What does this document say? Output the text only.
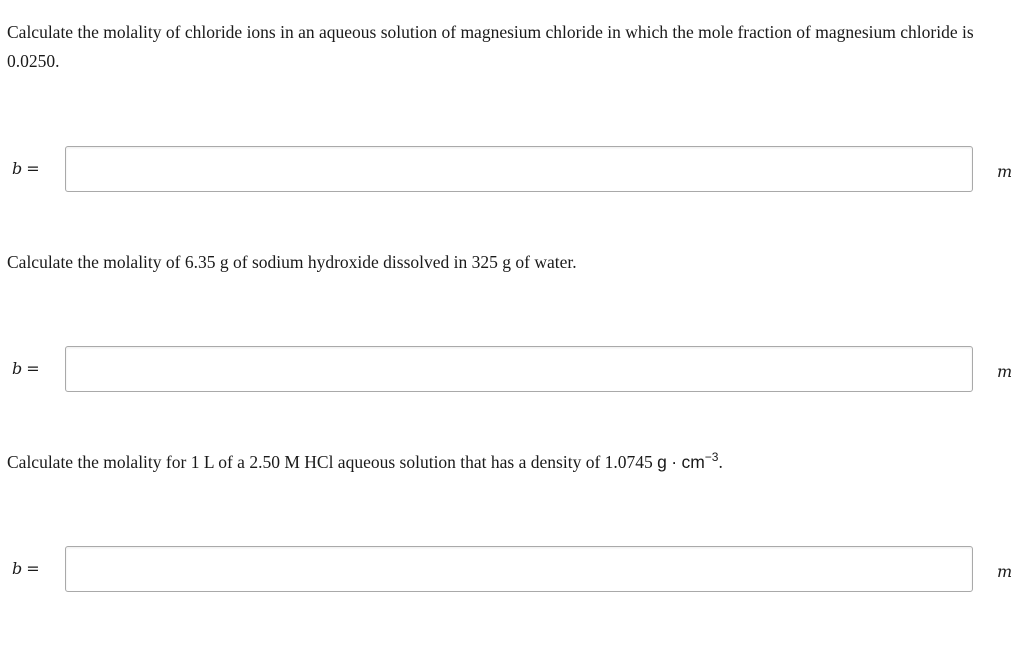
Calculate the molality of chloride ions in an aqueous solution of magnesium chloride in which the mole fraction of magnesium chloride is 0.0250.
b =	m
Calculate the molality of 6.35 g of sodium hydroxide dissolved in 325 g of water.
b =	m
Calculate the molality for 1 L of a 2.50 M HCl aqueous solution that has a density of 1.0745 $g \cdot cm^{-3}$.
b =	m
